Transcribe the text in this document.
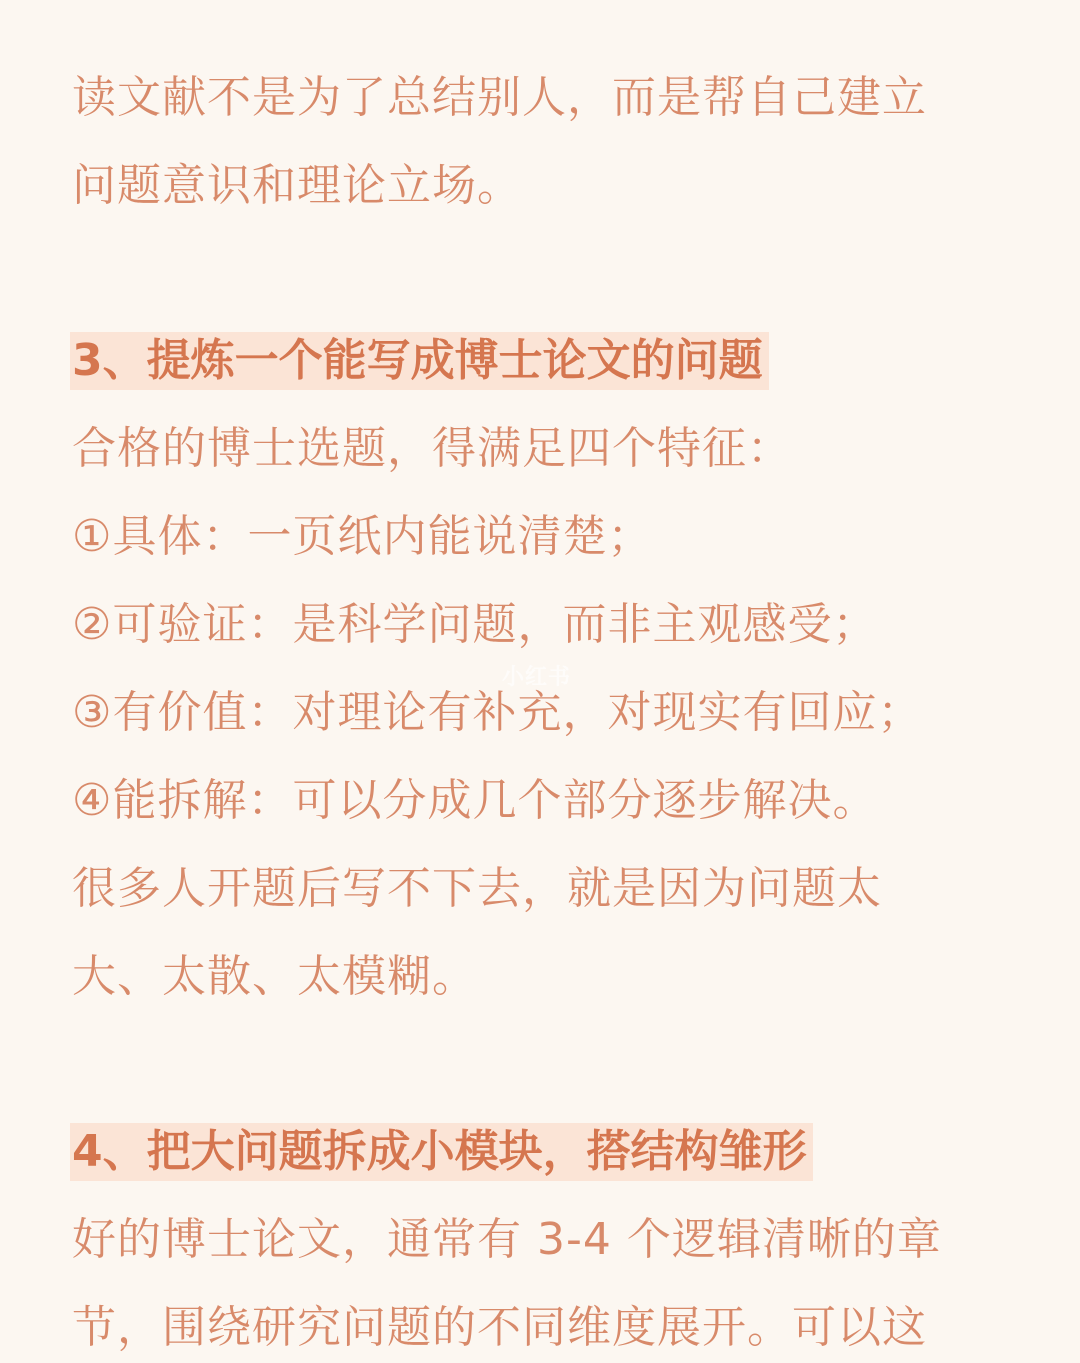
读文献不是为了总结别人，而是帮自己建立
问题意识和理论立场。
3、提炼一个能写成博士论文的问题
合格的博士选题，得满足四个特征：
①具体：一页纸内能说清楚；
②可验证：是科学问题，而非主观感受；
③有价值：对理论有补充，对现实有回应；
④能拆解：可以分成几个部分逐步解决。
很多人开题后写不下去，就是因为问题太
大、太散、太模糊。
4、把大问题拆成小模块，搭结构雏形
好的博士论文，通常有 3-4 个逻辑清晰的章
节，围绕研究问题的不同维度展开。可以这
小红书
